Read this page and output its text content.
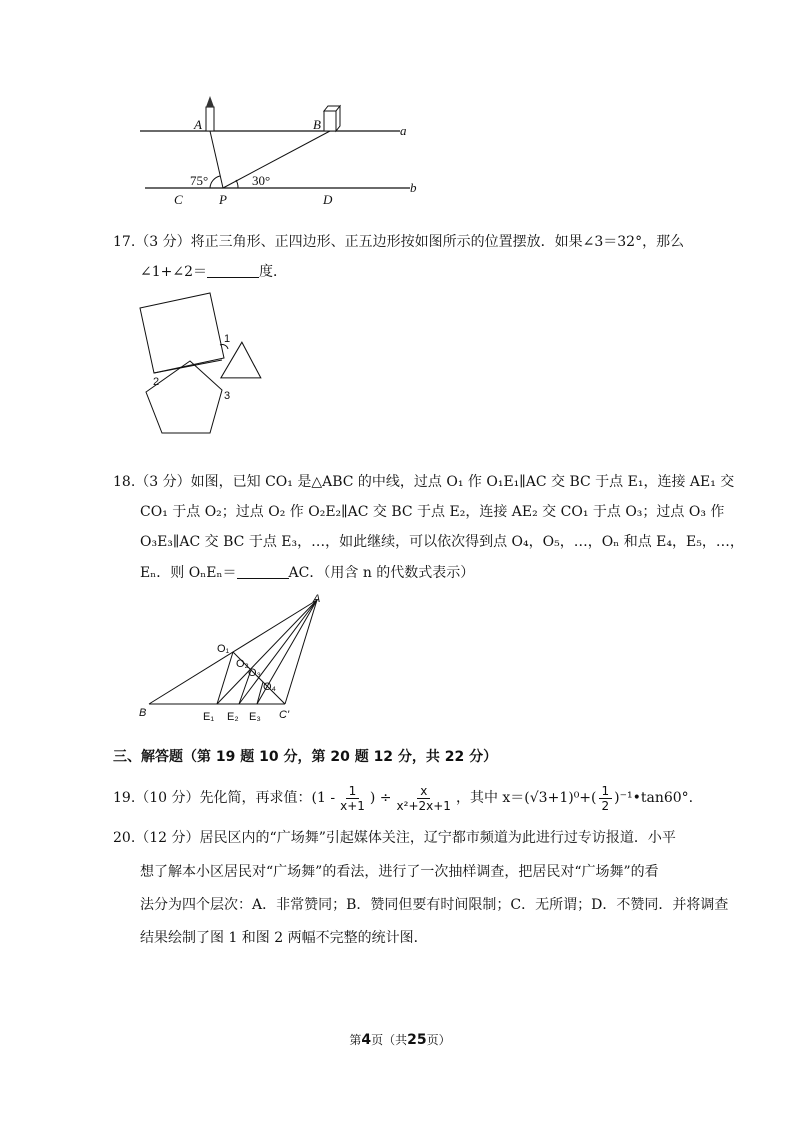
A	B	a
b
C	P	D
75°	30°
17.（3 分）将正三角形、正四边形、正五边形按如图所示的位置摆放．如果∠3＝32°，那么
∠1+∠2＝	度．
1
2
3
18.（3 分）如图，已知 CO₁ 是△ABC 的中线，过点 O₁ 作 O₁E₁∥AC 交 BC 于点 E₁，连接 AE₁ 交
CO₁ 于点 O₂；过点 O₂ 作 O₂E₂∥AC 交 BC 于点 E₂，连接 AE₂ 交 CO₁ 于点 O₃；过点 O₃ 作
O₃E₃∥AC 交 BC 于点 E₃，…，如此继续，可以依次得到点 O₄，O₅，…，Oₙ 和点 E₄，E₅，…，
Eₙ．则 OₙEₙ＝	AC．（用含 n 的代数式表示）
A
B	C'
O₁
O₂
O₃
O₄
E₁ E₂ E₃
三、解答题（第 19 题 10 分，第 20 题 12 分，共 22 分）
19. （10 分） 先化简，再求值：($1 - \frac{1}{x+1}$ ) ÷ $\frac{x}{\text{x²+2x+1}}$ ，其中 $x=(√3+1)^0+( \frac{1}{2}$ )⁻¹•tan60°.
20.（12 分）居民区内的“广场舞”引起媒体关注，辽宁都市频道为此进行过专访报道．小平
想了解本小区居民对“广场舞”的看法，进行了一次抽样调查，把居民对“广场舞”的看
法分为四个层次：A．非常赞同；B．赞同但要有时间限制；C．无所谓；D．不赞同．并将调查
结果绘制了图 1 和图 2 两幅不完整的统计图．
第4页（共25页）
